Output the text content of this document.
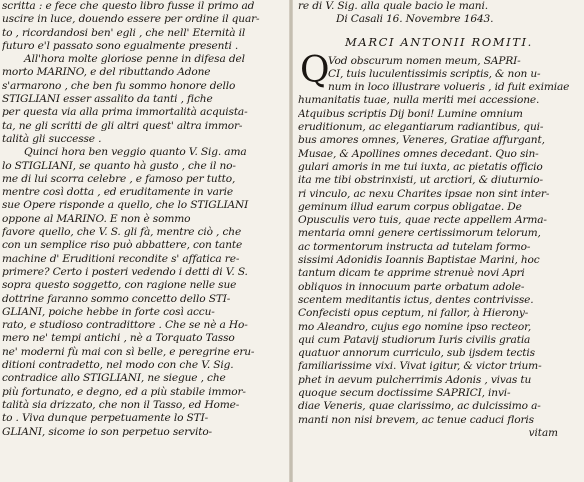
scritta : e fece che questo libro fusse il primo ad
uscire in luce, douendo essere per ordine il quar-
to , ricordandosi ben' egli , che nell' Eternità il
futuro e'l passato sono egualmente presenti .
All'hora molte gloriose penne in difesa del
morto MARINO, e del ributtando Adone
s'armarono , che ben fu sommo honore dello
STIGLIANI esser assalito da tanti , fiche
per questa via alla prima immortalità acquista-
ta, ne gli scritti de gli altri quest' altra immor-
talità gli successe .
Quinci hora ben veggio quanto V. Sig. ama
lo STIGLIANI, se quanto hà gusto , che il no-
me di lui scorra celebre , e famoso per tutto,
mentre così dotta , ed eruditamente in varie
sue Opere risponde a quello, che lo STIGLIANI
oppone al MARINO. E non è sommo
favore quello, che V. S. gli fà, mentre ciò , che
con un semplice riso può abbattere, con tante
machine d' Eruditioni recondite s' affatica re-
primere? Certo i posteri vedendo i detti di V. S.
sopra questo soggetto, con ragione nelle sue
dottrine faranno sommo concetto dello STI-
GLIANI, poiche hebbe in forte così accu-
rato, e studioso contradittore . Che se nè a Ho-
mero ne' tempi antichi , nè a Torquato Tasso
ne' moderni fù mai con sì belle, e peregrine eru-
ditioni contradetto, nel modo con che V. Sig.
contradice allo STIGLIANI, ne siegue , che
più fortunato, e degno, ed a più stabile immor-
talità sia drizzato, che non il Tasso, ed Home-
to . Viva dunque perpetuamente lo STI-
GLIANI, sicome io son perpetuo servito-
re di V. Sig. alla quale bacio le mani.
Di Casali 16. Novembre 1643.
MARCI ANTONII ROMITI.
Q
Vod obscurum nomen meum, SAPRI-
CI, tuis luculentissimis scriptis, & non u-
num in loco illustrare volueris , id fuit eximiae
humanitatis tuae, nulla meriti mei accessione.
Atquibus scriptis Dij boni! Lumine omnium
eruditionum, ac elegantiarum radiantibus, qui-
bus amores omnes, Veneres, Gratiae affurgant,
Musae, & Apollines omnes decedant. Quo sin-
gulari amoris in me tui iuxta, ac pietatis officio
ita me tibi obstrinxisti, ut arctiori, & diuturnio-
ri vinculo, ac nexu Charites ipsae non sint inter-
geminum illud earum corpus obligatae. De
Opusculis vero tuis, quae recte appellem Arma-
mentaria omni genere certissimorum telorum,
ac tormentorum instructa ad tutelam formo-
sissimi Adonidis Ioannis Baptistae Marini, hoc
tantum dicam te apprime strenuè novi Apri
obliquos in innocuum parte orbatum adole-
scentem meditantis ictus, dentes contrivisse.
Confecisti opus ceptum, ni fallor, à Hierony-
mo Aleandro, cujus ego nomine ipso recteor,
qui cum Patavij studiorum Iuris civilis gratia
quatuor annorum curriculo, sub ijsdem tectis
familiarissime vixi. Vivat igitur, & victor trium-
phet in aevum pulcherrimis Adonis , vivas tu
quoque secum doctissime SAPRICI, invi-
diae Veneris, quae clarissimo, ac dulcissimo a-
manti non nisi brevem, ac tenue caduci floris
vitam
